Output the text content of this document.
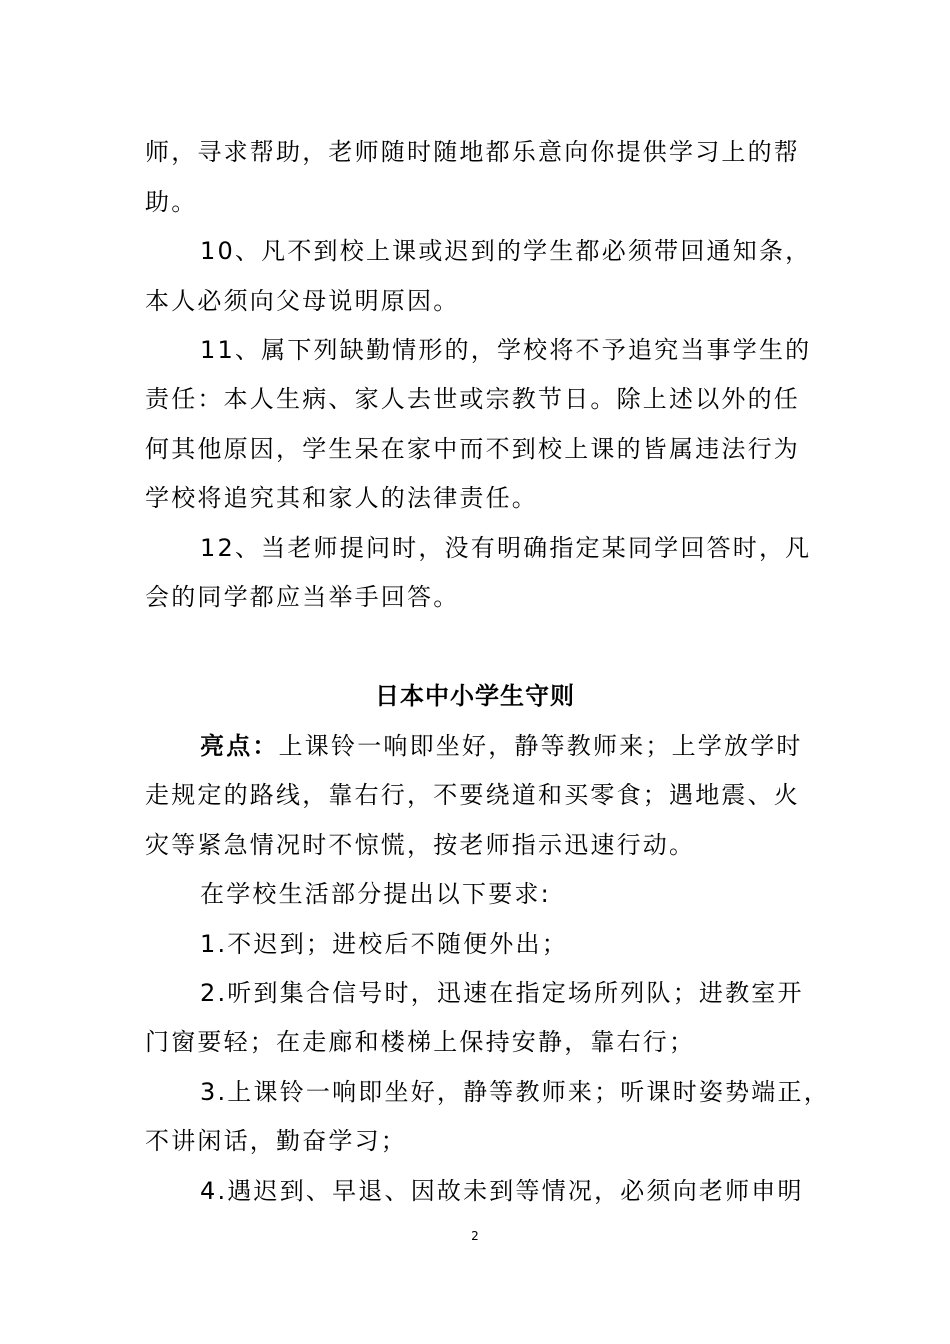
师，寻求帮助，老师随时随地都乐意向你提供学习上的帮
助。
10、凡不到校上课或迟到的学生都必须带回通知条，
本人必须向父母说明原因。
11、属下列缺勤情形的，学校将不予追究当事学生的
责任：本人生病、家人去世或宗教节日。除上述以外的任
何其他原因，学生呆在家中而不到校上课的皆属违法行为
学校将追究其和家人的法律责任。
12、当老师提问时，没有明确指定某同学回答时，凡
会的同学都应当举手回答。
日本中小学生守则
亮点：上课铃一响即坐好，静等教师来；上学放学时
走规定的路线，靠右行，不要绕道和买零食；遇地震、火
灾等紧急情况时不惊慌，按老师指示迅速行动。
在学校生活部分提出以下要求:
1.不迟到；进校后不随便外出；
2.听到集合信号时，迅速在指定场所列队；进教室开
门窗要轻；在走廊和楼梯上保持安静，靠右行；
3.上课铃一响即坐好，静等教师来；听课时姿势端正，
不讲闲话，勤奋学习；
4.遇迟到、早退、因故未到等情况，必须向老师申明
2
